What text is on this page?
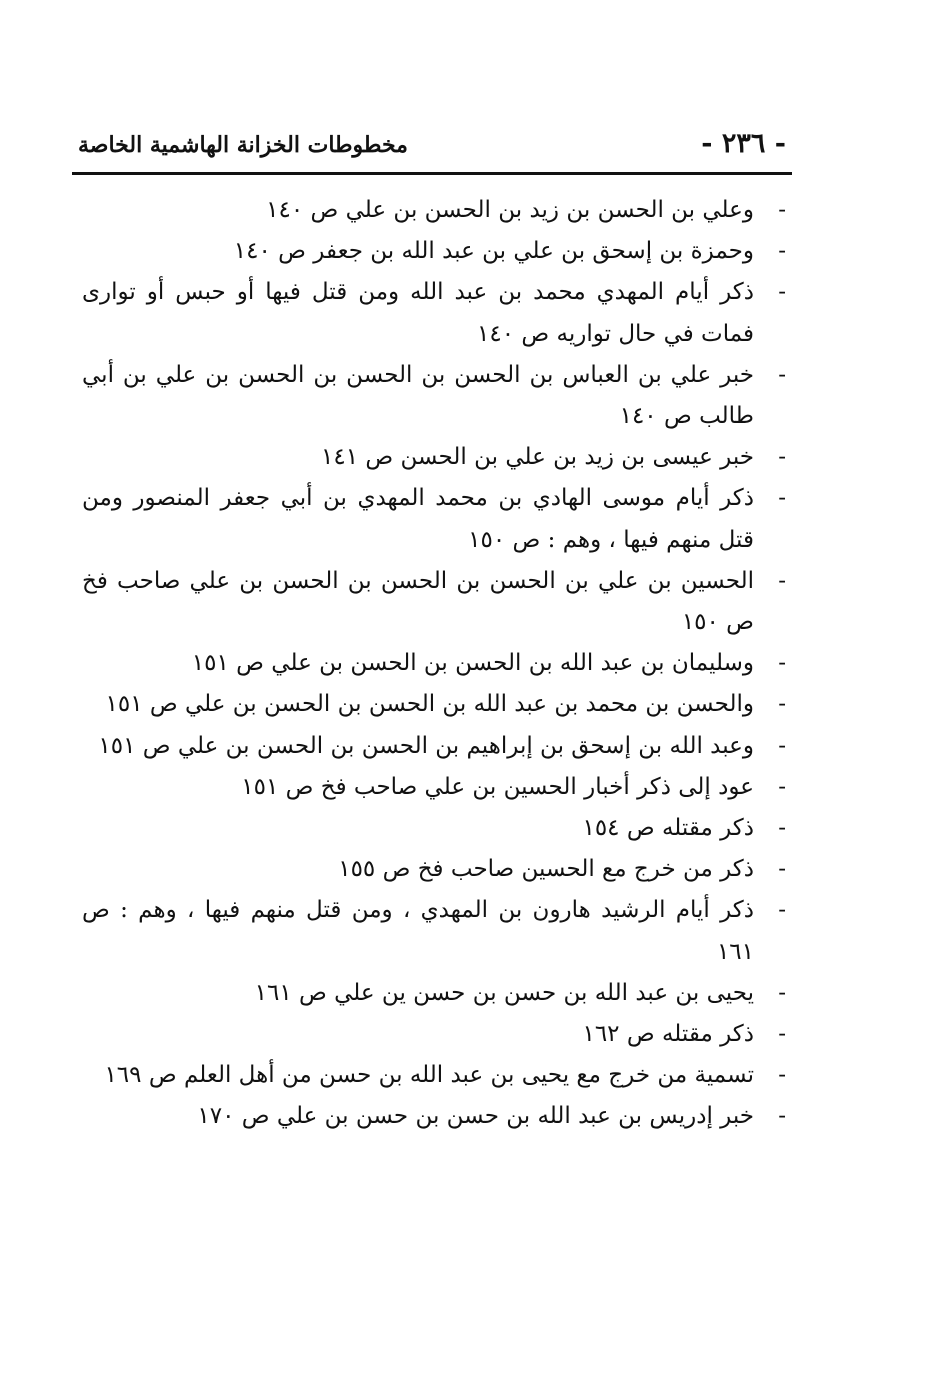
- ٢٣٦ -
مخطوطات الخزانة الهاشمية الخاصة
-
وعلي بن الحسن بن زيد بن الحسن بن علي ص ١٤٠
-
وحمزة بن إسحق بن علي بن عبد الله بن جعفر ص ١٤٠
-
ذكر أيام المهدي محمد بن عبد الله ومن قتل فيها أو حبس أو توارى فمات في حال تواريه ص ١٤٠
-
خبر علي بن العباس بن الحسن بن الحسن بن الحسن بن علي بن أبي طالب ص ١٤٠
-
خبر عيسى بن زيد بن علي بن الحسن ص ١٤١
-
ذكر أيام موسى الهادي بن محمد المهدي بن أبي جعفر المنصور ومن قتل منهم فيها ، وهم : ص ١٥٠
-
الحسين بن علي بن الحسن بن الحسن بن الحسن بن علي صاحب فخ ص ١٥٠
-
وسليمان بن عبد الله بن الحسن بن الحسن بن علي ص ١٥١
-
والحسن بن محمد بن عبد الله بن الحسن بن الحسن بن علي ص ١٥١
-
وعبد الله بن إسحق بن إبراهيم بن الحسن بن الحسن بن علي ص ١٥١
-
عود إلى ذكر أخبار الحسين بن علي صاحب فخ ص ١٥١
-
ذكر مقتله ص ١٥٤
-
ذكر من خرج مع الحسين صاحب فخ ص ١٥٥
-
ذكر أيام الرشيد هارون بن المهدي ، ومن قتل منهم فيها ، وهم : ص ١٦١
-
يحيى بن عبد الله بن حسن بن حسن ين علي ص ١٦١
-
ذكر مقتله ص ١٦٢
-
تسمية من خرج مع يحيى بن عبد الله بن حسن من أهل العلم ص ١٦٩
-
خبر إدريس بن عبد الله بن حسن بن حسن بن علي ص ١٧٠
